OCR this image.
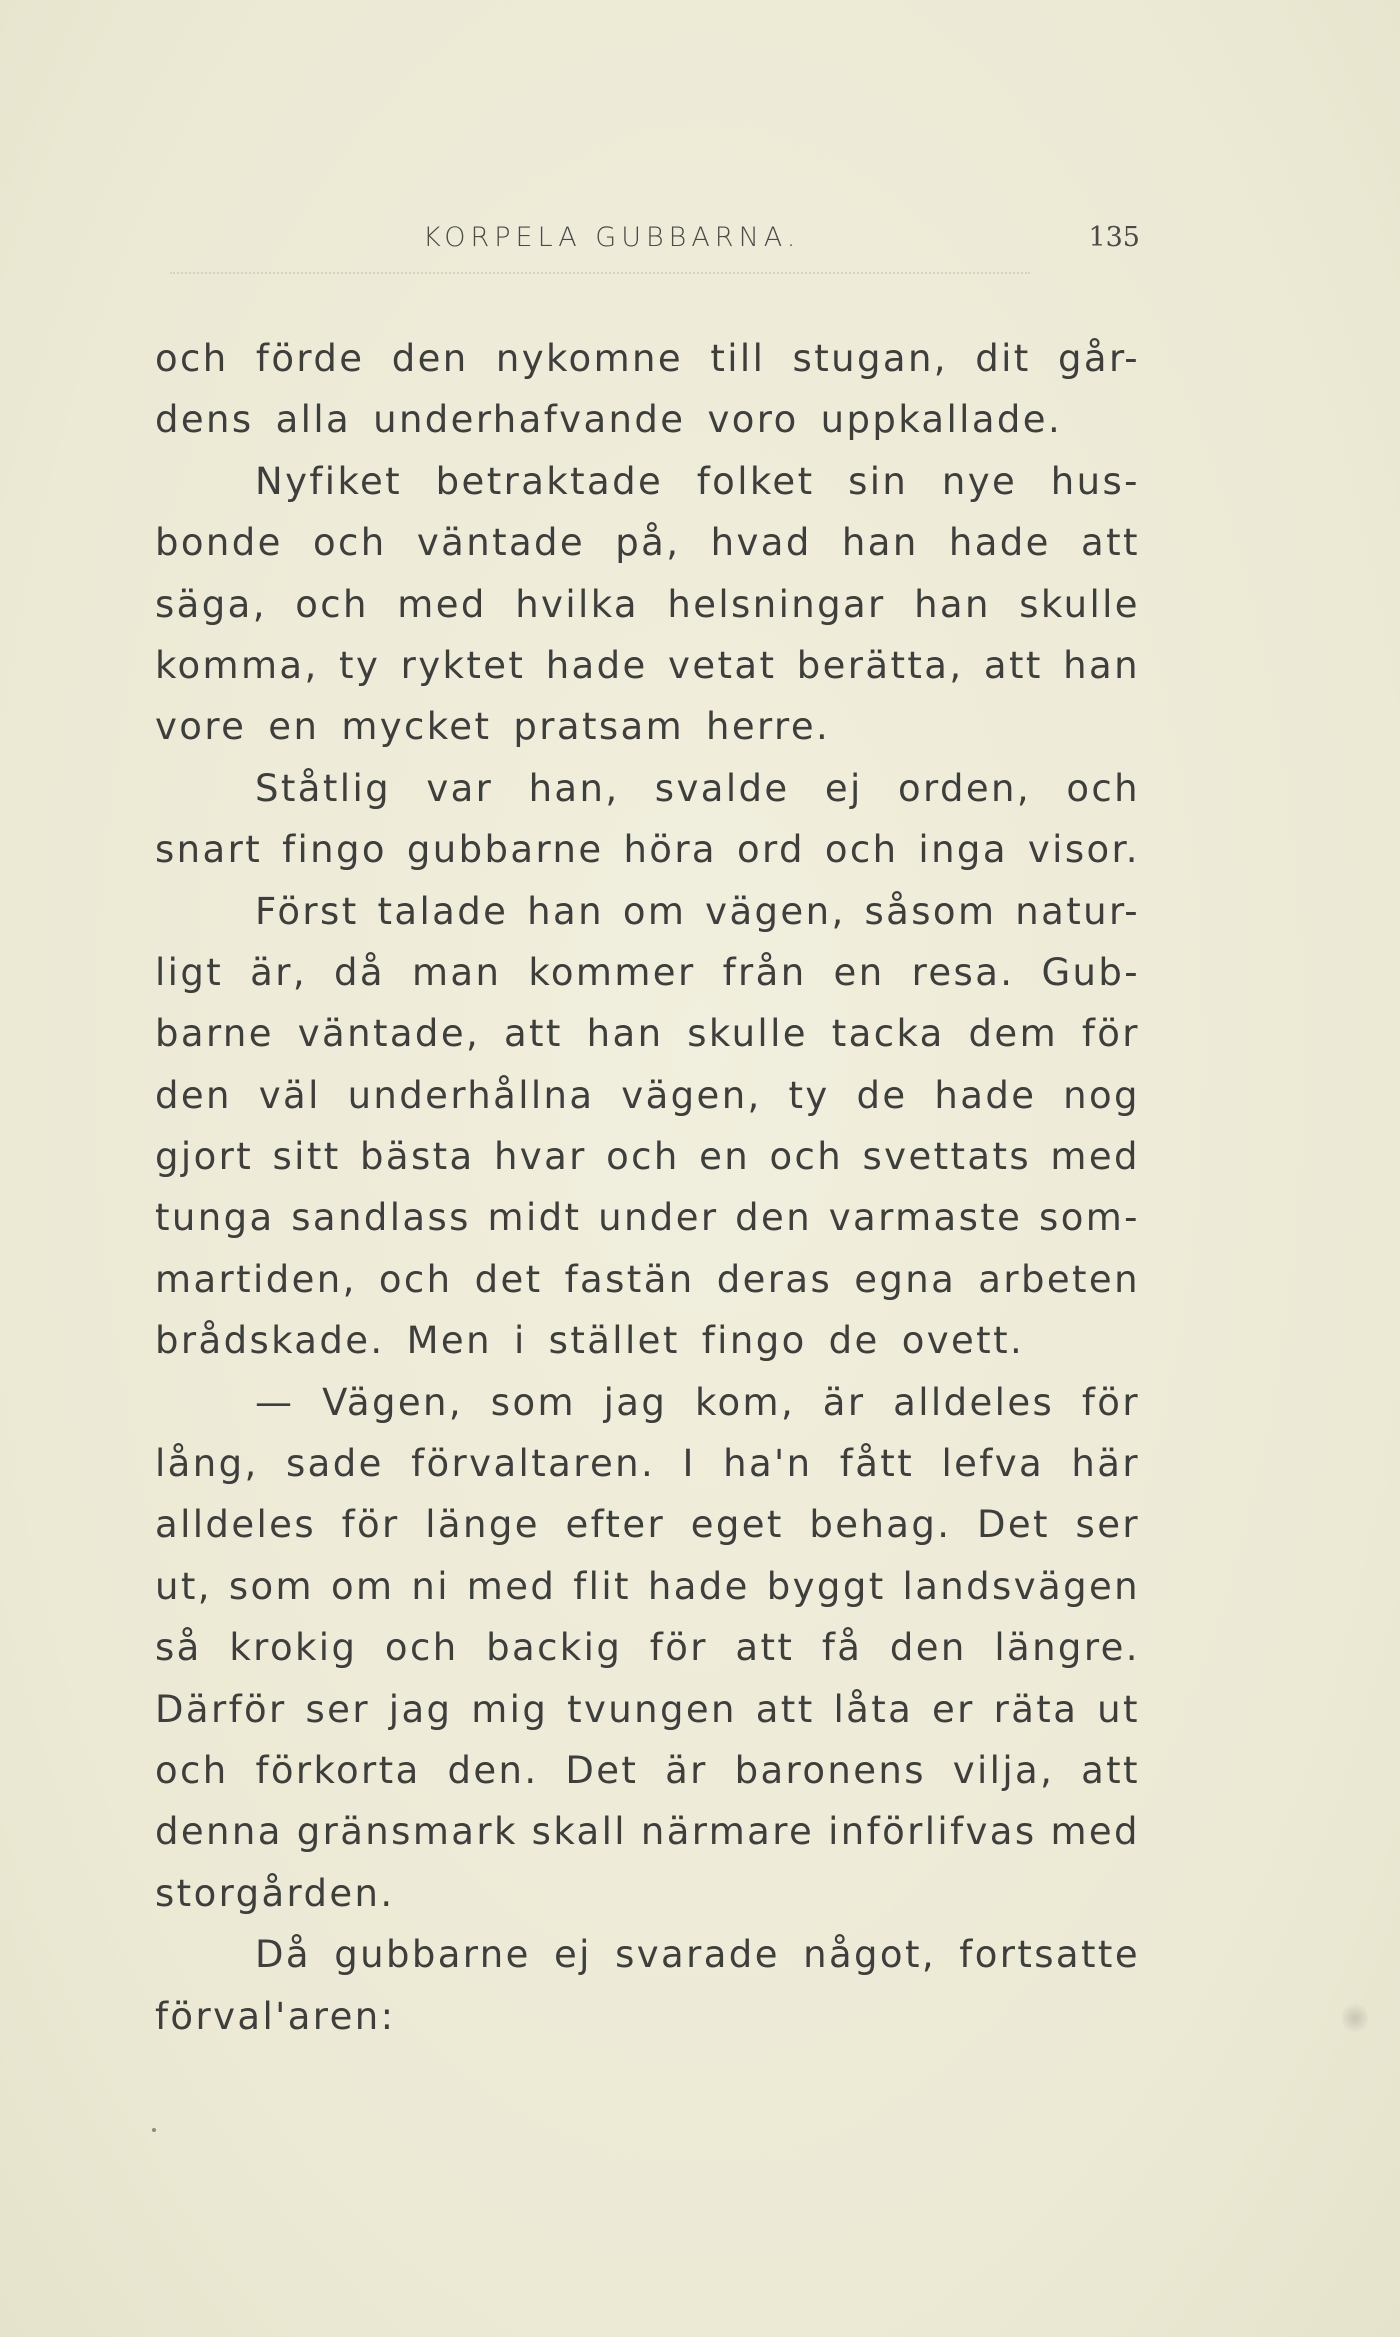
KORPELA GUBBARNA.	135
och förde den nykomne till stugan, dit går-
dens alla underhafvande voro uppkallade.
Nyfiket betraktade folket sin nye hus-
bonde och väntade på, hvad han hade att
säga, och med hvilka helsningar han skulle
komma, ty ryktet hade vetat berätta, att han
vore en mycket pratsam herre.
Ståtlig var han, svalde ej orden, och
snart fingo gubbarne höra ord och inga visor.
Först talade han om vägen, såsom natur-
ligt är, då man kommer från en resa. Gub-
barne väntade, att han skulle tacka dem för
den väl underhållna vägen, ty de hade nog
gjort sitt bästa hvar och en och svettats med
tunga sandlass midt under den varmaste som-
martiden, och det fastän deras egna arbeten
brådskade. Men i stället fingo de ovett.
— Vägen, som jag kom, är alldeles för
lång, sade förvaltaren. I ha'n fått lefva här
alldeles för länge efter eget behag. Det ser
ut, som om ni med flit hade byggt landsvägen
så krokig och backig för att få den längre.
Därför ser jag mig tvungen att låta er räta ut
och förkorta den. Det är baronens vilja, att
denna gränsmark skall närmare införlifvas med
storgården.
Då gubbarne ej svarade något, fortsatte
förval'aren:
